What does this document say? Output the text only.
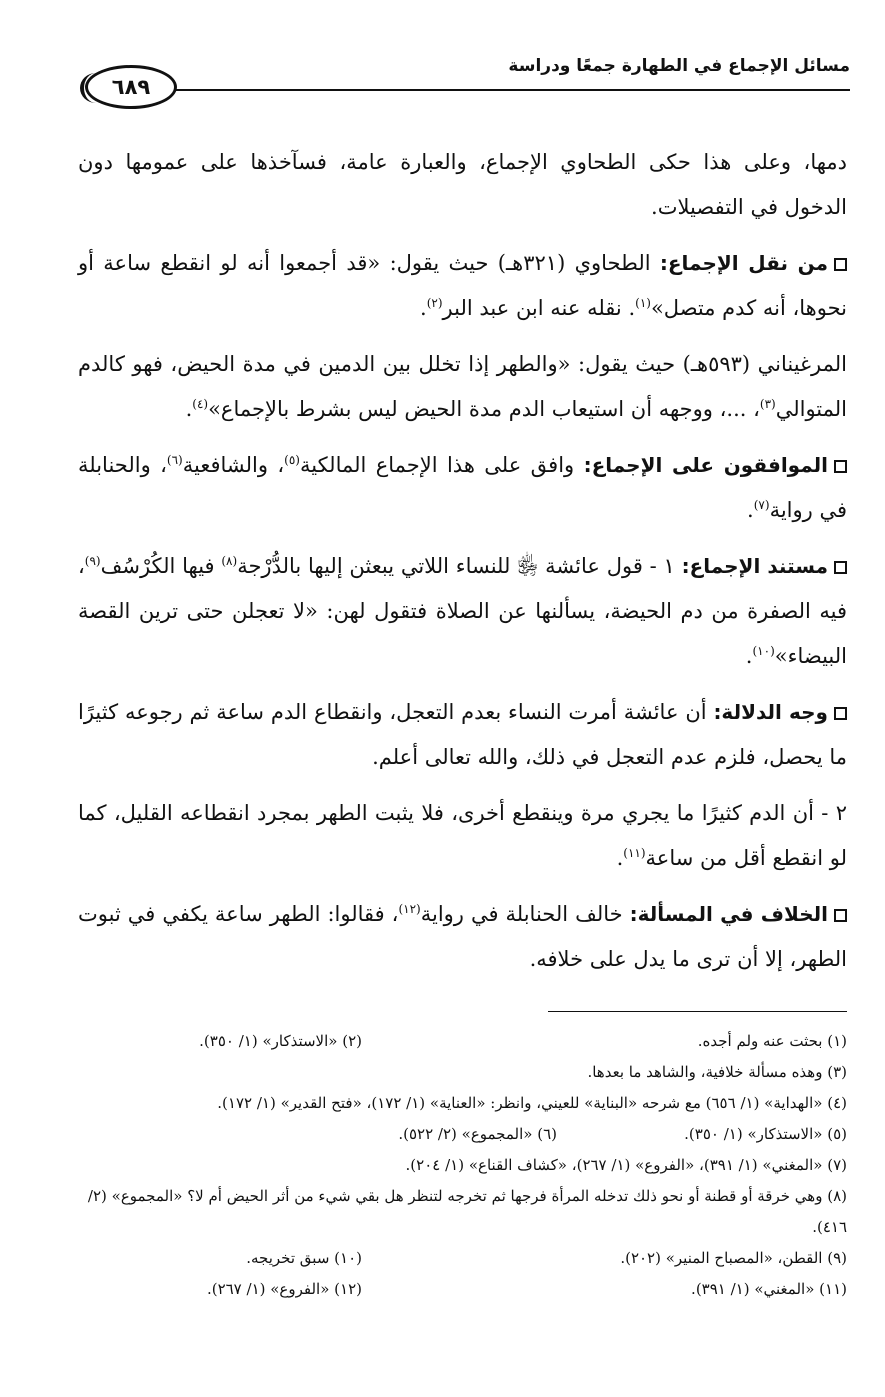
مسائل الإجماع في الطهارة جمعًا ودراسة
٦٨٩

دمها، وعلى هذا حكى الطحاوي الإجماع، والعبارة عامة، فسآخذها على عمومها دون الدخول في التفصيلات.

من نقل الإجماع: الطحاوي (٣٢١هـ) حيث يقول: «قد أجمعوا أنه لو انقطع ساعة أو نحوها، أنه كدم متصل»$^{(١)}$. نقله عنه ابن عبد البر$^{(٢)}$.

المرغيناني (٥٩٣هـ) حيث يقول: «والطهر إذا تخلل بين الدمين في مدة الحيض، فهو كالدم المتوالي$^{(٣)}$، ...، ووجهه أن استيعاب الدم مدة الحيض ليس بشرط بالإجماع»$^{(٤)}$.

الموافقون على الإجماع: وافق على هذا الإجماع المالكية$^{(٥)}$، والشافعية$^{(٦)}$، والحنابلة في رواية$^{(٧)}$.

مستند الإجماع: ١ - قول عائشة ﵂ للنساء اللاتي يبعثن إليها بالدُّرْجة$^{(٨)}$ فيها الكُرْسُف$^{(٩)}$، فيه الصفرة من دم الحيضة، يسألنها عن الصلاة فتقول لهن: «لا تعجلن حتى ترين القصة البيضاء»$^{(١٠)}$.

وجه الدلالة: أن عائشة أمرت النساء بعدم التعجل، وانقطاع الدم ساعة ثم رجوعه كثيرًا ما يحصل، فلزم عدم التعجل في ذلك، والله تعالى أعلم.

٢ - أن الدم كثيرًا ما يجري مرة وينقطع أخرى، فلا يثبت الطهر بمجرد انقطاعه القليل، كما لو انقطع أقل من ساعة$^{(١١)}$.

الخلاف في المسألة: خالف الحنابلة في رواية$^{(١٢)}$، فقالوا: الطهر ساعة يكفي في ثبوت الطهر، إلا أن ترى ما يدل على خلافه.

(١) بحثت عنه ولم أجده.
(٢) «الاستذكار» (١/ ٣٥٠).
(٣) وهذه مسألة خلافية، والشاهد ما بعدها.
(٤) «الهداية» (١/ ٦٥٦) مع شرحه «البناية» للعيني، وانظر: «العناية» (١/ ١٧٢)، «فتح القدير» (١/ ١٧٢).
(٥) «الاستذكار» (١/ ٣٥٠).
(٦) «المجموع» (٢/ ٥٢٢).
(٧) «المغني» (١/ ٣٩١)، «الفروع» (١/ ٢٦٧)، «كشاف القناع» (١/ ٢٠٤).
(٨) وهي خرقة أو قطنة أو نحو ذلك تدخله المرأة فرجها ثم تخرجه لتنظر هل بقي شيء من أثر الحيض أم لا؟ «المجموع» (٢/ ٤١٦).
(٩) القطن، «المصباح المنير» (٢٠٢).
(١٠) سبق تخريجه.
(١١) «المغني» (١/ ٣٩١).
(١٢) «الفروع» (١/ ٢٦٧).
